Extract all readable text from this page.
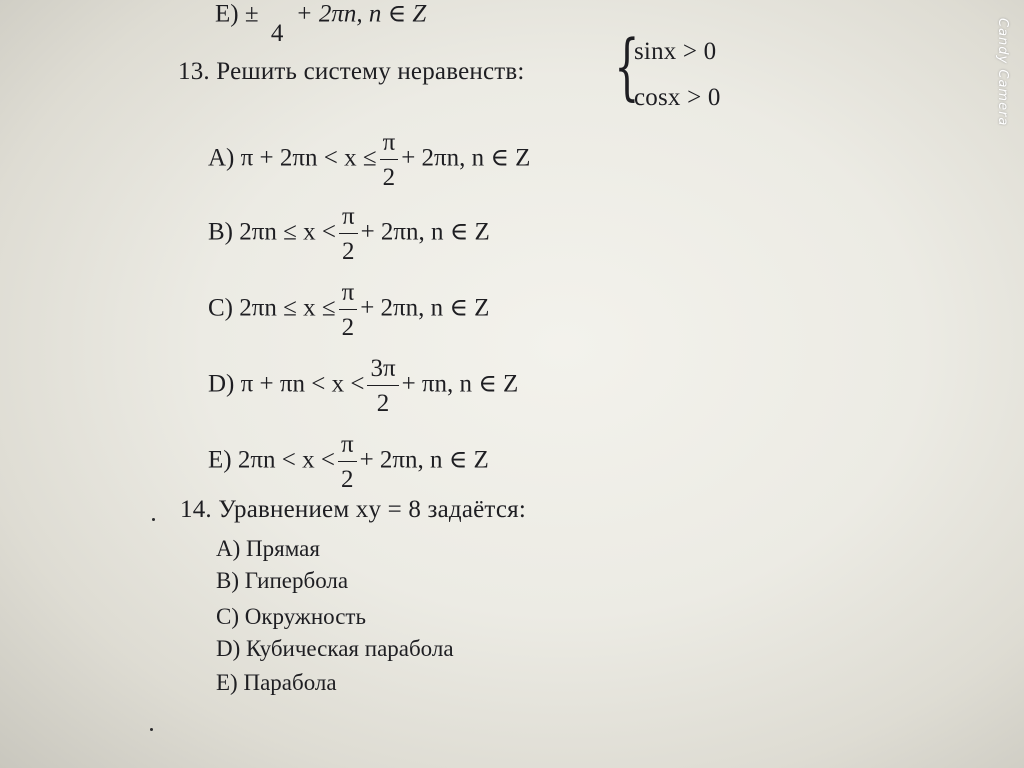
E) ±
4
+ 2πn, n ∈ Z
13. Решить системy неравенств: {
sinx > 0
cosx > 0
A) $\pi + 2\pi n < x \le \frac{\pi}{2} + 2\pi n$, n ∈ Z
B) $2\pi n \le x < \frac{\pi}{2} + 2\pi n$, n ∈ Z
C) $2\pi n \le x \le \frac{\pi}{2} + 2\pi n$, n ∈ Z
D) $\pi + \pi n < x < \frac{3\pi}{2} + \pi n$, n ∈ Z
E) $2\pi n < x < \frac{\pi}{2} + 2\pi n$, n ∈ Z
14. Уравнением xy = 8 задаётся:
A) Прямая
B) Гипербола
C) Окружность
D) Кубическая парабола
E) Парабола
Candy Camera
